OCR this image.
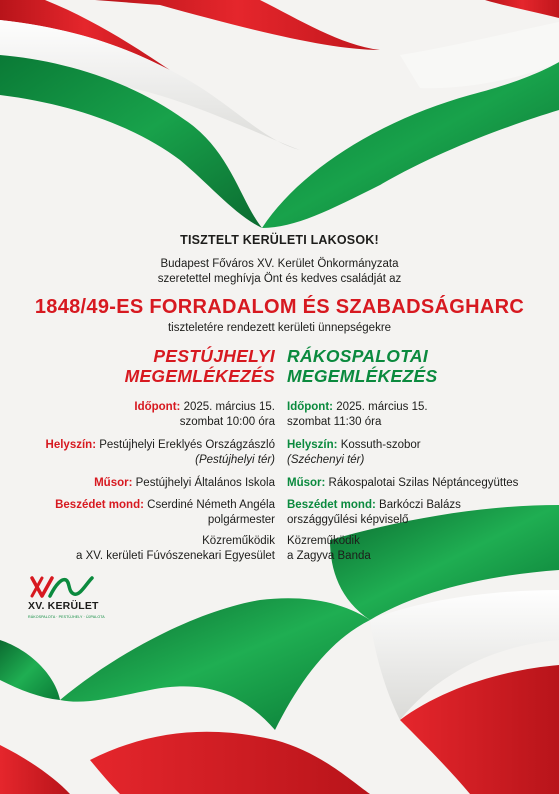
TISZTELT KERÜLETI LAKOSOK!
Budapest Főváros XV. Kerület Önkormányzata
szeretettel meghívja Önt és kedves családját az
1848/49-ES FORRADALOM ÉS SZABADSÁGHARC
tiszteletére rendezett kerületi ünnepségekre
PESTÚJHELYI
MEGEMLÉKEZÉS
Időpont: 2025. március 15.
szombat 10:00 óra
Helyszín: Pestújhelyi Ereklyés Országzászló
(Pestújhelyi tér)
Műsor: Pestújhelyi Általános Iskola
Beszédet mond: Cserdiné Németh Angéla
polgármester
Közreműködik
a XV. kerületi Fúvószenekari Egyesület
RÁKOSPALOTAI
MEGEMLÉKEZÉS
Időpont: 2025. március 15.
szombat 11:30 óra
Helyszín: Kossuth-szobor
(Széchenyi tér)
Műsor: Rákospalotai Szilas Néptáncegyüttes
Beszédet mond: Barkóczi Balázs
országgyűlési képviselő
Közreműködik
a Zagyva Banda
XV. KERÜLET
RÁKOSPALOTA · PESTÚJHELY · ÚJPALOTA
